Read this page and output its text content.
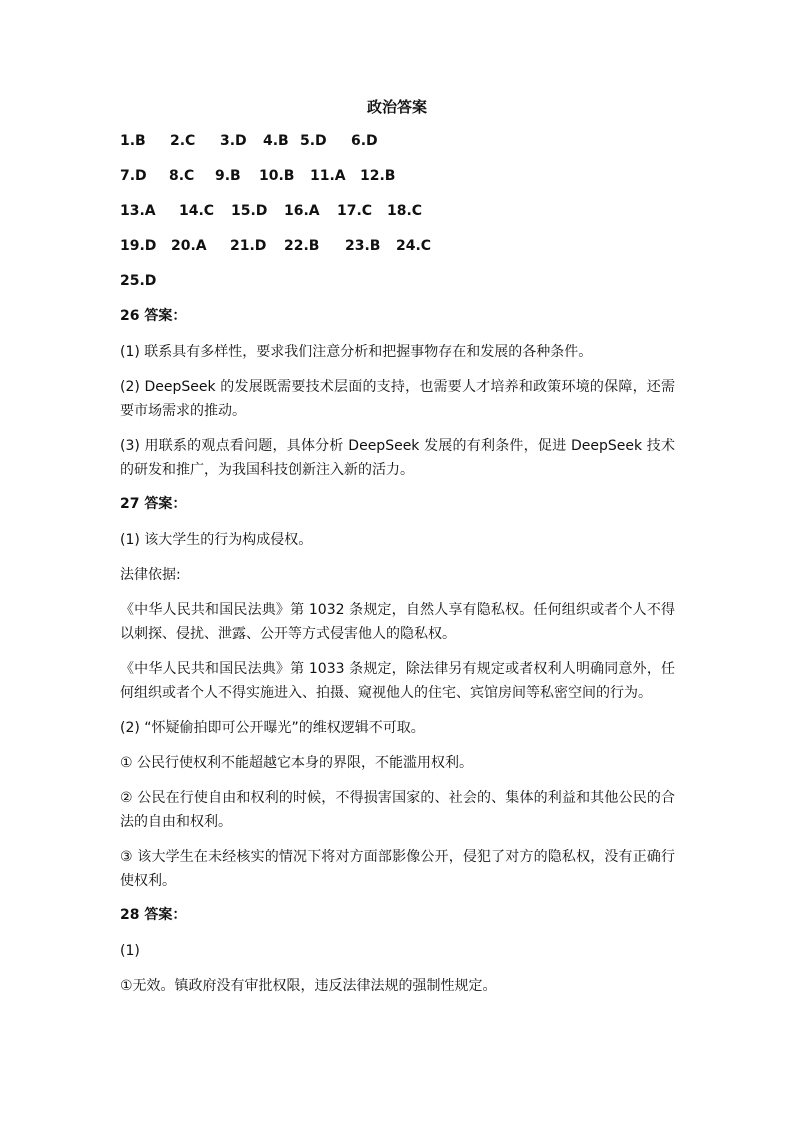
政治答案
1.B	2.C	3.D	4.B 5.D	6.D
7.D	8.C	9.B	10.B	11.A	12.B
13.A	14.C	15.D	16.A	17.C	18.C
19.D	20.A	21.D	22.B	23.B	24.C
25.D
26 答案：
(1) 联系具有多样性，要求我们注意分析和把握事物存在和发展的各种条件。
(2) DeepSeek 的发展既需要技术层面的支持，也需要人才培养和政策环境的保障，还需要市场需求的推动。
(3) 用联系的观点看问题，具体分析 DeepSeek 发展的有利条件，促进 DeepSeek 技术的研发和推广，为我国科技创新注入新的活力。
27 答案：
(1) 该大学生的行为构成侵权。
法律依据:
《中华人民共和国民法典》第 1032 条规定，自然人享有隐私权。任何组织或者个人不得以刺探、侵扰、泄露、公开等方式侵害他人的隐私权。
《中华人民共和国民法典》第 1033 条规定，除法律另有规定或者权利人明确同意外，任何组织或者个人不得实施进入、拍摄、窥视他人的住宅、宾馆房间等私密空间的行为。
(2) “怀疑偷拍即可公开曝光”的维权逻辑不可取。
① 公民行使权利不能超越它本身的界限，不能滥用权利。
② 公民在行使自由和权利的时候，不得损害国家的、社会的、集体的利益和其他公民的合法的自由和权利。
③ 该大学生在未经核实的情况下将对方面部影像公开，侵犯了对方的隐私权，没有正确行使权利。
28 答案：
(1)
①无效。镇政府没有审批权限，违反法律法规的强制性规定。
